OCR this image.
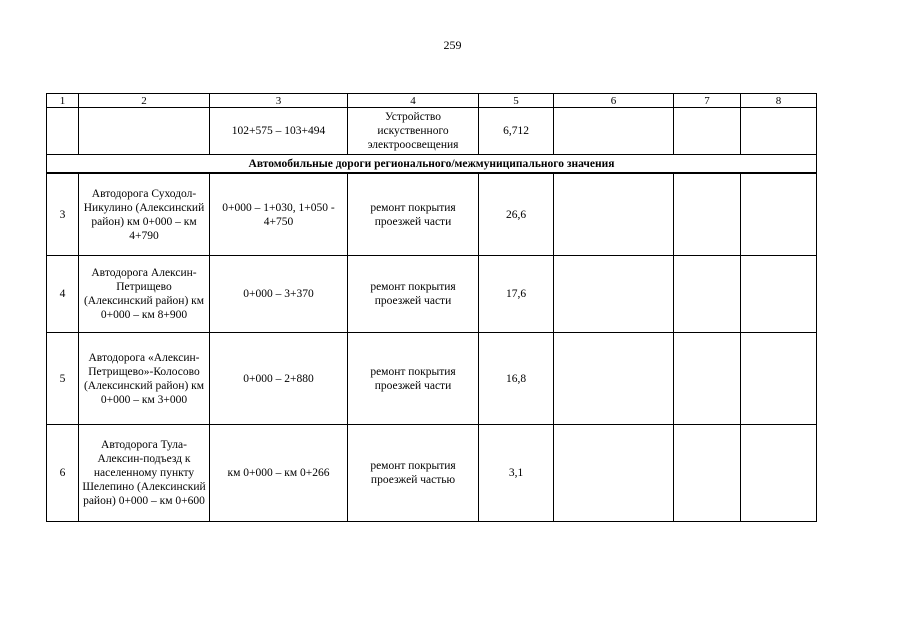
259
1	2	3	4	5	6	7	8
		102+575 – 103+494	Устройство искуственного электроосвещения	6,712			
Автомобильные дороги регионального/межмуниципального значения							
3	Автодорога Суходол-Никулино (Алексинский район) км 0+000 – км 4+790	0+000 – 1+030, 1+050 - 4+750	ремонт покрытия проезжей части	26,6			
4	Автодорога Алексин-Петрищево (Алексинский район) км 0+000 – км 8+900	0+000 – 3+370	ремонт покрытия проезжей части	17,6			
5	Автодорога «Алексин-Петрищево»-Колосово (Алексинский район) км 0+000 – км 3+000	0+000 – 2+880	ремонт покрытия проезжей части	16,8			
6	Автодорога Тула-Алексин-подъезд к населенному пункту Шелепино (Алексинский район) 0+000 – км 0+600	км 0+000 – км 0+266	ремонт покрытия проезжей частью	3,1			
